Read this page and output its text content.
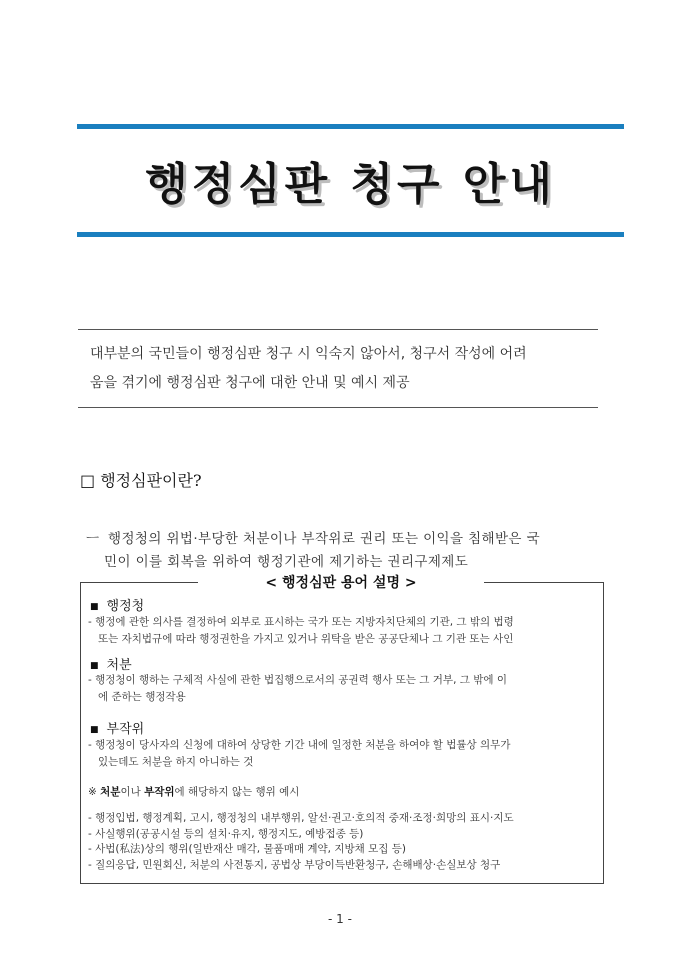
행정심판 청구 안내
대부분의 국민들이 행정심판 청구 시 익숙지 않아서, 청구서 작성에 어려
움을 겪기에 행정심판 청구에 대한 안내 및 예시 제공
□ 행정심판이란?
ㅡ 행정청의 위법·부당한 처분이나 부작위로 권리 또는 이익을 침해받은 국
민이 이를 회복을 위하여 행정기관에 제기하는 권리구제제도
< 행정심판 용어 설명 >
■ 행정청
- 행정에 관한 의사를 결정하여 외부로 표시하는 국가 또는 지방자치단체의 기관, 그 밖의 법령
또는 자치법규에 따라 행정권한을 가지고 있거나 위탁을 받은 공공단체나 그 기관 또는 사인
■ 처분
- 행정청이 행하는 구체적 사실에 관한 법집행으로서의 공권력 행사 또는 그 거부, 그 밖에 이
에 준하는 행정작용
■ 부작위
- 행정청이 당사자의 신청에 대하여 상당한 기간 내에 일정한 처분을 하여야 할 법률상 의무가
있는데도 처분을 하지 아니하는 것
※ 처분이나 부작위에 해당하지 않는 행위 예시
- 행정입법, 행정계획, 고시, 행정청의 내부행위, 알선·권고·호의적 중재·조정·희망의 표시·지도
- 사실행위(공공시설 등의 설치·유지, 행정지도, 예방접종 등)
- 사법(私法)상의 행위(일반재산 매각, 물품매매 계약, 지방채 모집 등)
- 질의응답, 민원회신, 처분의 사전통지, 공법상 부당이득반환청구, 손해배상·손실보상 청구
- 1 -
